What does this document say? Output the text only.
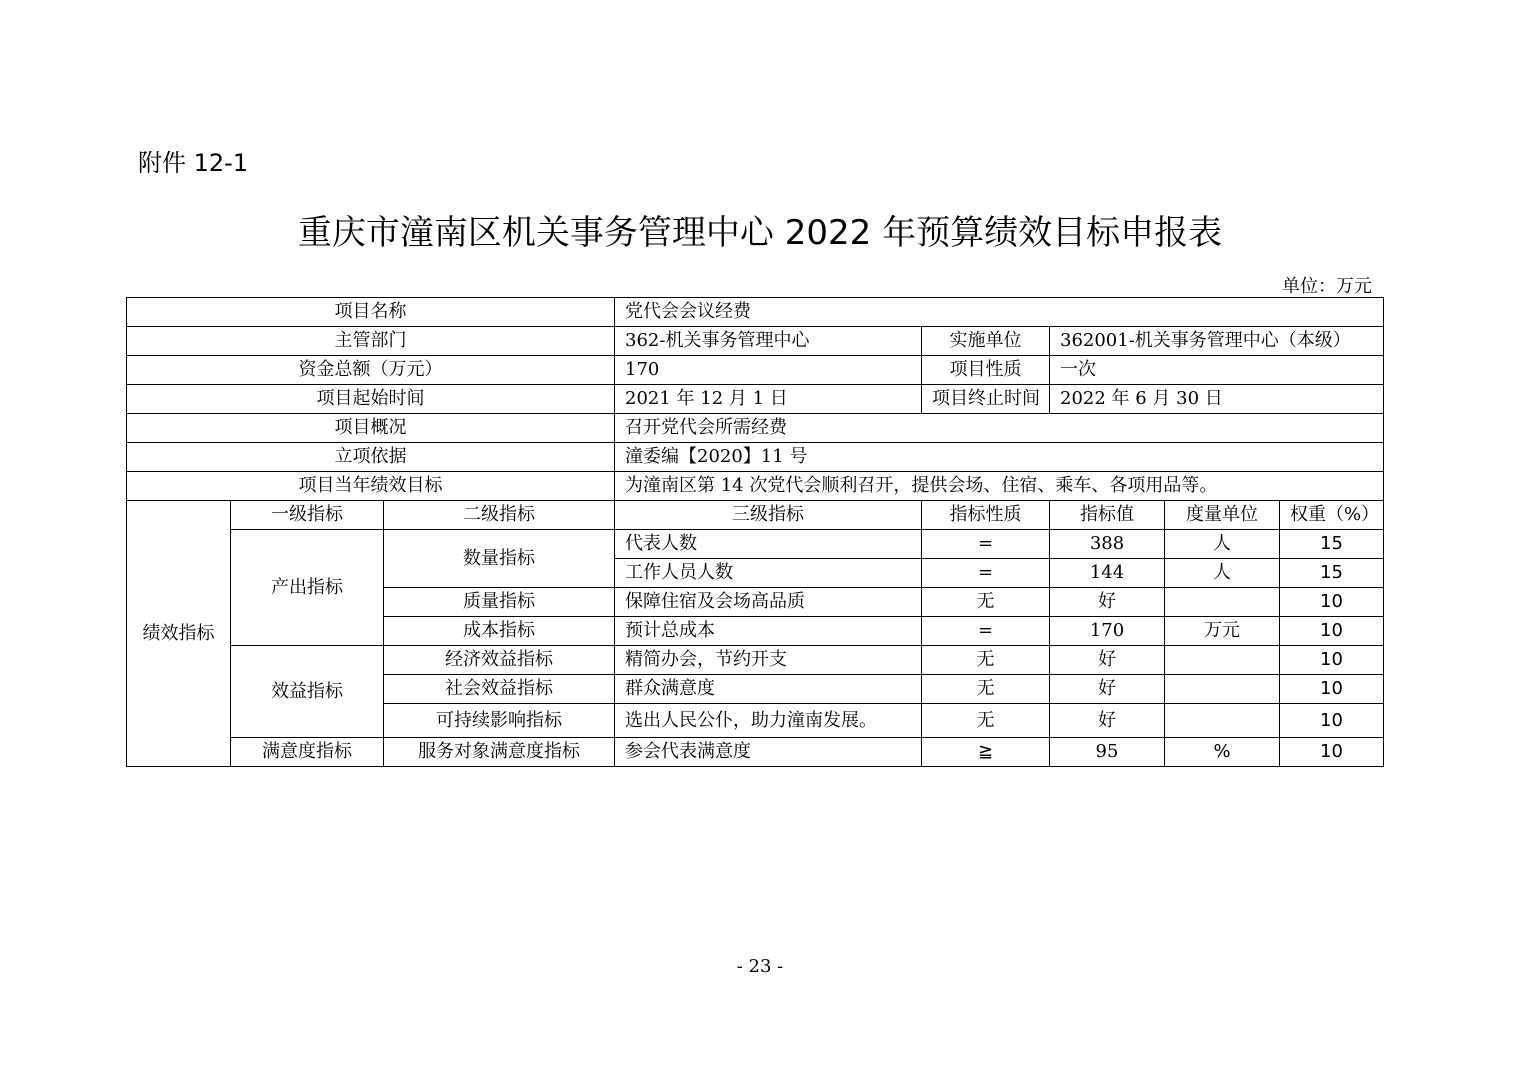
附件 12-1
重庆市潼南区机关事务管理中心 2022 年预算绩效目标申报表
单位：万元
项目名称			党代会会议经费				
主管部门			362-机关事务管理中心	实施单位	362001-机关事务管理中心（本级）		
资金总额（万元）			170	项目性质	一次		
项目起始时间			2021 年 12 月 1 日	项目终止时间	2022 年 6 月 30 日		
项目概况			召开党代会所需经费				
立项依据			潼委编【2020】11 号				
项目当年绩效目标			为潼南区第 14 次党代会顺利召开，提供会场、住宿、乘车、各项用品等。				
绩效指标	一级指标	二级指标	三级指标	指标性质	指标值	度量单位	权重（%）
	产出指标	数量指标	代表人数	=	388	人	15
			工作人员人数	=	144	人	15
		质量指标	保障住宿及会场高品质	无	好		10
		成本指标	预计总成本	=	170	万元	10
	效益指标	经济效益指标	精简办会，节约开支	无	好		10
		社会效益指标	群众满意度	无	好		10
		可持续影响指标	选出人民公仆，助力潼南发展。	无	好		10
	满意度指标	服务对象满意度指标	参会代表满意度	≧	95	%	10
- 23 -
